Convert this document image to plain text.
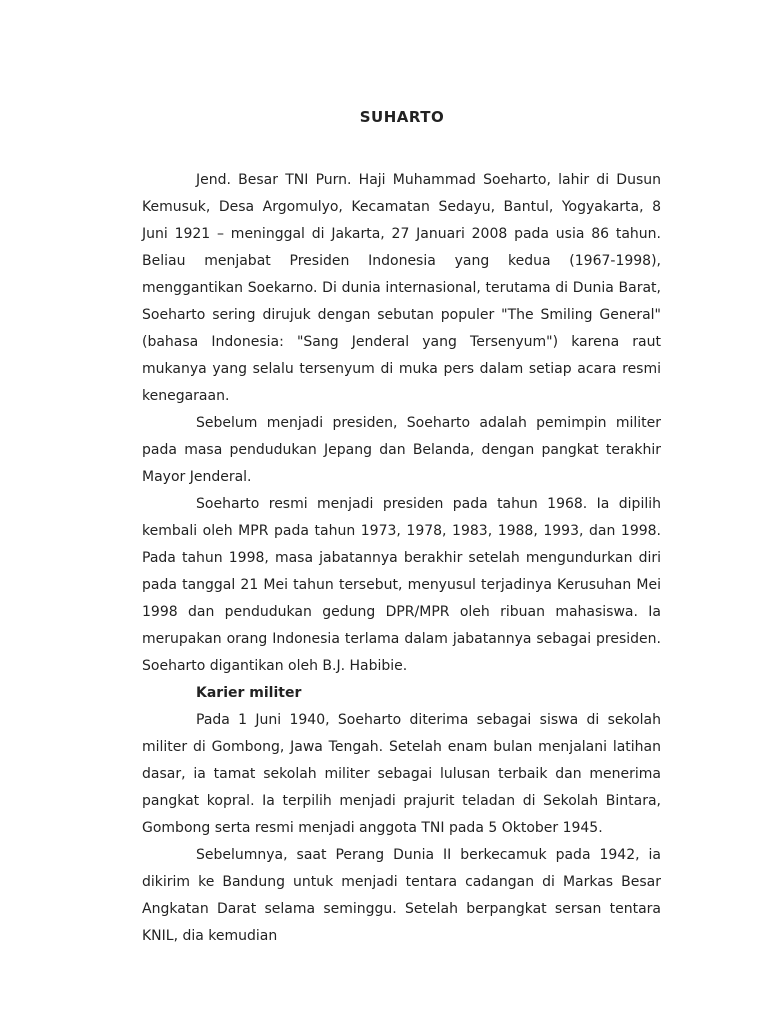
SUHARTO

Jend. Besar TNI Purn. Haji Muhammad Soeharto, lahir di Dusun Kemusuk, Desa Argomulyo, Kecamatan Sedayu, Bantul, Yogyakarta, 8 Juni 1921 – meninggal di Jakarta, 27 Januari 2008 pada usia 86 tahun. Beliau menjabat Presiden Indonesia yang kedua (1967-1998), menggantikan Soekarno. Di dunia internasional, terutama di Dunia Barat, Soeharto sering dirujuk dengan sebutan populer "The Smiling General" (bahasa Indonesia: "Sang Jenderal yang Tersenyum") karena raut mukanya yang selalu tersenyum di muka pers dalam setiap acara resmi kenegaraan.

Sebelum menjadi presiden, Soeharto adalah pemimpin militer pada masa pendudukan Jepang dan Belanda, dengan pangkat terakhir Mayor Jenderal.

Soeharto resmi menjadi presiden pada tahun 1968. Ia dipilih kembali oleh MPR pada tahun 1973, 1978, 1983, 1988, 1993, dan 1998. Pada tahun 1998, masa jabatannya berakhir setelah mengundurkan diri pada tanggal 21 Mei tahun tersebut, menyusul terjadinya Kerusuhan Mei 1998 dan pendudukan gedung DPR/MPR oleh ribuan mahasiswa. Ia merupakan orang Indonesia terlama dalam jabatannya sebagai presiden. Soeharto digantikan oleh B.J. Habibie.

Karier militer

Pada 1 Juni 1940, Soeharto diterima sebagai siswa di sekolah militer di Gombong, Jawa Tengah. Setelah enam bulan menjalani latihan dasar, ia tamat sekolah militer sebagai lulusan terbaik dan menerima pangkat kopral. Ia terpilih menjadi prajurit teladan di Sekolah Bintara, Gombong serta resmi menjadi anggota TNI pada 5 Oktober 1945.

Sebelumnya, saat Perang Dunia II berkecamuk pada 1942, ia dikirim ke Bandung untuk menjadi tentara cadangan di Markas Besar Angkatan Darat selama seminggu. Setelah berpangkat sersan tentara KNIL, dia kemudian
